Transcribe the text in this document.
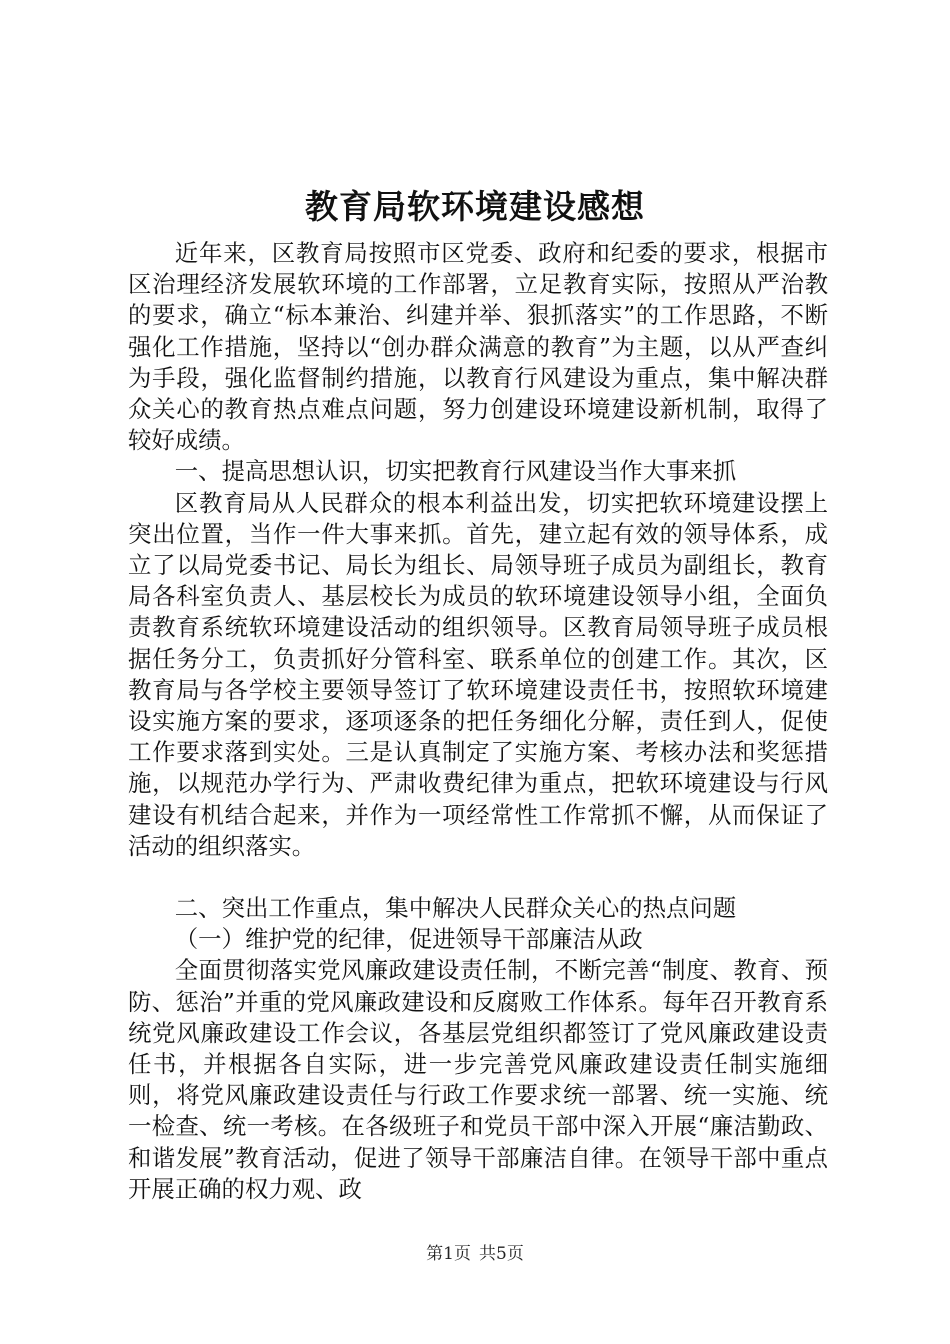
教育局软环境建设感想

近年来，区教育局按照市区党委、政府和纪委的要求，根据市区治理经济发展软环境的工作部署，立足教育实际，按照从严治教的要求，确立“标本兼治、纠建并举、狠抓落实”的工作思路，不断强化工作措施，坚持以“创办群众满意的教育”为主题，以从严查纠为手段，强化监督制约措施，以教育行风建设为重点，集中解决群众关心的教育热点难点问题，努力创建设环境建设新机制，取得了较好成绩。

一、提高思想认识，切实把教育行风建设当作大事来抓

区教育局从人民群众的根本利益出发，切实把软环境建设摆上突出位置，当作一件大事来抓。首先，建立起有效的领导体系，成立了以局党委书记、局长为组长、局领导班子成员为副组长，教育局各科室负责人、基层校长为成员的软环境建设领导小组，全面负责教育系统软环境建设活动的组织领导。区教育局领导班子成员根据任务分工，负责抓好分管科室、联系单位的创建工作。其次，区教育局与各学校主要领导签订了软环境建设责任书，按照软环境建设实施方案的要求，逐项逐条的把任务细化分解，责任到人，促使工作要求落到实处。三是认真制定了实施方案、考核办法和奖惩措施，以规范办学行为、严肃收费纪律为重点，把软环境建设与行风建设有机结合起来，并作为一项经常性工作常抓不懈，从而保证了活动的组织落实。

二、突出工作重点，集中解决人民群众关心的热点问题

（一）维护党的纪律，促进领导干部廉洁从政

全面贯彻落实党风廉政建设责任制，不断完善“制度、教育、预防、惩治”并重的党风廉政建设和反腐败工作体系。每年召开教育系统党风廉政建设工作会议，各基层党组织都签订了党风廉政建设责任书，并根据各自实际，进一步完善党风廉政建设责任制实施细则，将党风廉政建设责任与行政工作要求统一部署、统一实施、统一检查、统一考核。在各级班子和党员干部中深入开展“廉洁勤政、和谐发展”教育活动，促进了领导干部廉洁自律。在领导干部中重点开展正确的权力观、政

第1页 共5页
